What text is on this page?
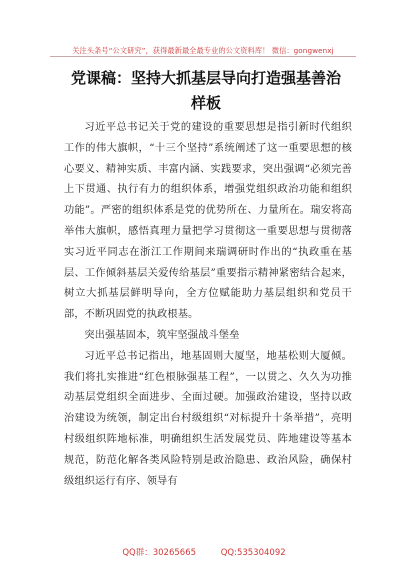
关注头条号“公文研究”，获得最新最全最专业的公文资料库！ 微信：gongwenxj
党课稿：坚持大抓基层导向打造强基善治样板

习近平总书记关于党的建设的重要思想是指引新时代组织工作的伟大旗帜，“十三个坚持”系统阐述了这一重要思想的核心要义、精神实质、丰富内涵、实践要求，突出强调“必须完善上下贯通、执行有力的组织体系，增强党组织政治功能和组织功能”。严密的组织体系是党的优势所在、力量所在。瑞安将高举伟大旗帜，感悟真理力量把学习贯彻这一重要思想与贯彻落实习近平同志在浙江工作期间来瑞调研时作出的“执政重在基层、工作倾斜基层关爱传给基层”重要指示精神紧密结合起来，树立大抓基层鲜明导向，全方位赋能助力基层组织和党员干部，不断巩固党的执政根基。

突出强基固本，筑牢坚强战斗堡垒

习近平总书记指出，地基固则大厦坚，地基松则大厦倾。我们将扎实推进“红色根脉强基工程”，一以贯之、久久为功推动基层党组织全面进步、全面过硬。加强政治建设，坚持以政治建设为统领，制定出台村级组织“对标提升十条举措”，亮明村级组织阵地标准，明确组织生活发展党员、阵地建设等基本规范，防范化解各类风险特别是政治隐患、政治风险，确保村级组织运行有序、领导有

QQ群：30265665	QQ:535304092
